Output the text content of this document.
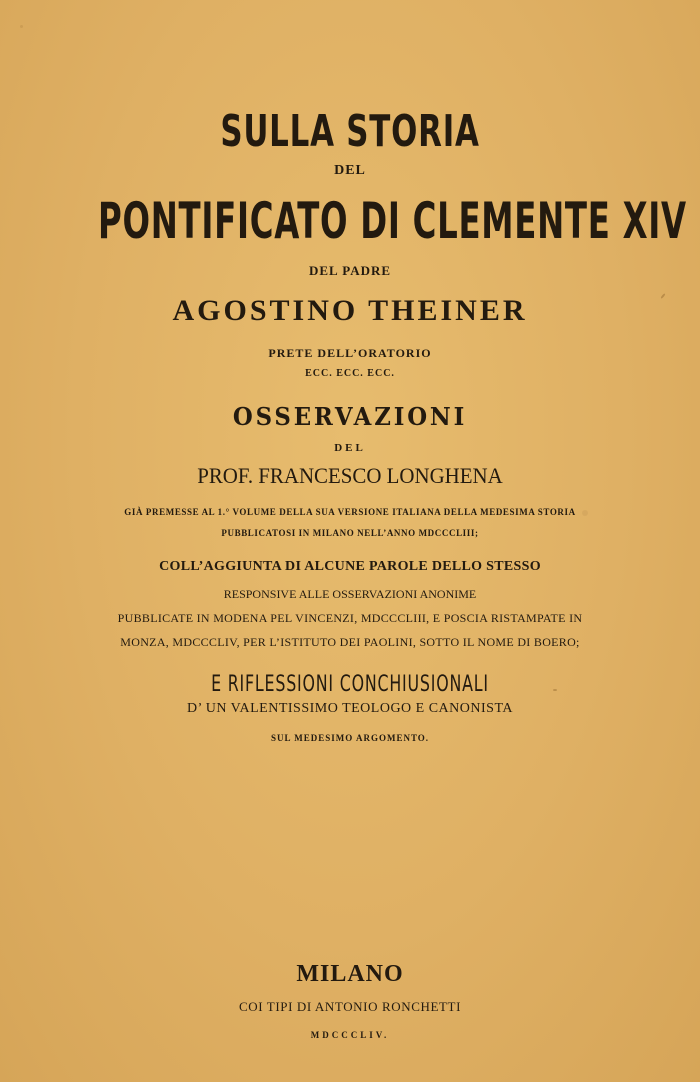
SULLA STORIA
DEL
PONTIFICATO DI CLEMENTE XIV
DEL PADRE
AGOSTINO THEINER
PRETE DELL’ORATORIO
ECC. ECC. ECC.
OSSERVAZIONI
DEL
PROF. FRANCESCO LONGHENA
GIÀ PREMESSE AL 1.° VOLUME DELLA SUA VERSIONE ITALIANA DELLA MEDESIMA STORIA
PUBBLICATOSI IN MILANO NELL’ANNO MDCCCLIII;
COLL’AGGIUNTA DI ALCUNE PAROLE DELLO STESSO
RESPONSIVE ALLE OSSERVAZIONI ANONIME
PUBBLICATE IN MODENA PEL VINCENZI, MDCCCLIII, E POSCIA RISTAMPATE IN
MONZA, MDCCCLIV, PER L’ISTITUTO DEI PAOLINI, SOTTO IL NOME DI BOERO;
E RIFLESSIONI CONCHIUSIONALI
D’ UN VALENTISSIMO TEOLOGO E CANONISTA
SUL MEDESIMO ARGOMENTO.
MILANO
COI TIPI DI ANTONIO RONCHETTI
MDCCCLIV.
